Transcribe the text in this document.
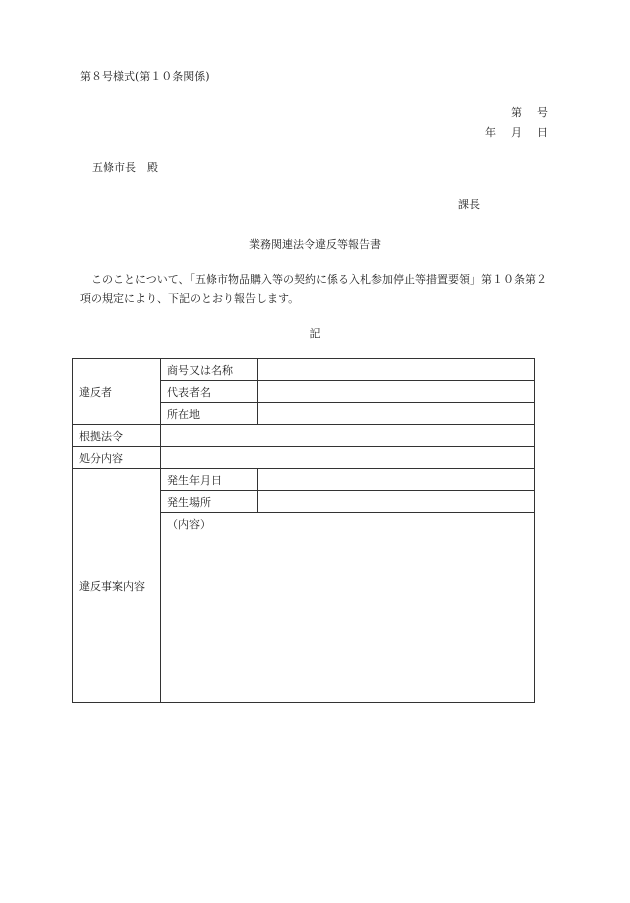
第８号様式(第１０条関係)
第　号
年　月　日
五條市長　殿
課長
業務関連法令違反等報告書
　このことについて、「五條市物品購入等の契約に係る入札参加停止等措置要領」第１０条第２項の規定により、下記のとおり報告します。
記
違反者	商号又は名称	
	代表者名	
	所在地	
根拠法令		
処分内容		
違反事案内容	発生年月日	
	発生場所	
	（内容）	
